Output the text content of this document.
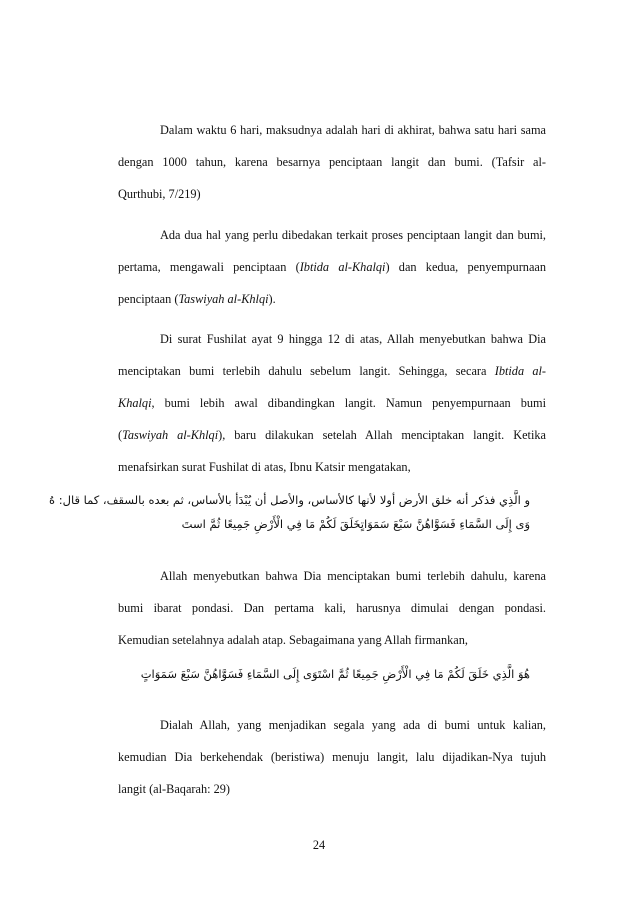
Dalam waktu 6 hari, maksudnya adalah hari di akhirat, bahwa satu hari sama
dengan 1000 tahun, karena besarnya penciptaan langit dan bumi. (Tafsir al-
Qurthubi, 7/219)
Ada dua hal yang perlu dibedakan terkait proses penciptaan langit dan bumi,
pertama, mengawali penciptaan (Ibtida al-Khalqi) dan kedua, penyempurnaan
penciptaan (Taswiyah al-Khlqi).
Di surat Fushilat ayat 9 hingga 12 di atas, Allah menyebutkan bahwa Dia
menciptakan bumi terlebih dahulu sebelum langit. Sehingga, secara Ibtida al-
Khalqi, bumi lebih awal dibandingkan langit. Namun penyempurnaan bumi
(Taswiyah al-Khlqi), baru dilakukan setelah Allah menciptakan langit. Ketika
menafsirkan surat Fushilat di atas, Ibnu Katsir mengatakan,
و الَّذِي فذكر أنه خلق الأرض أولا لأنها كالأساس، والأصل أن يُبْدَأ بالأساس، ثم بعده بالسقف، كما قال: هُ
وَى إِلَى السَّمَاءِ فَسَوَّاهُنَّ سَبْعَ سَمَوَاتٍخَلَقَ لَكُمْ مَا فِي الْأَرْضِ جَمِيعًا ثُمَّ استَ
Allah menyebutkan bahwa Dia menciptakan bumi terlebih dahulu, karena
bumi ibarat pondasi. Dan pertama kali, harusnya dimulai dengan pondasi.
Kemudian setelahnya adalah atap. Sebagaimana yang Allah firmankan,
هُوَ الَّذِي خَلَقَ لَكُمْ مَا فِي الْأَرْضِ جَمِيعًا ثُمَّ اسْتَوَى إِلَى السَّمَاءِ فَسَوَّاهُنَّ سَبْعَ سَمَوَاتٍ
Dialah Allah, yang menjadikan segala yang ada di bumi untuk kalian,
kemudian Dia berkehendak (beristiwa) menuju langit, lalu dijadikan-Nya tujuh
langit (al-Baqarah: 29)
24
